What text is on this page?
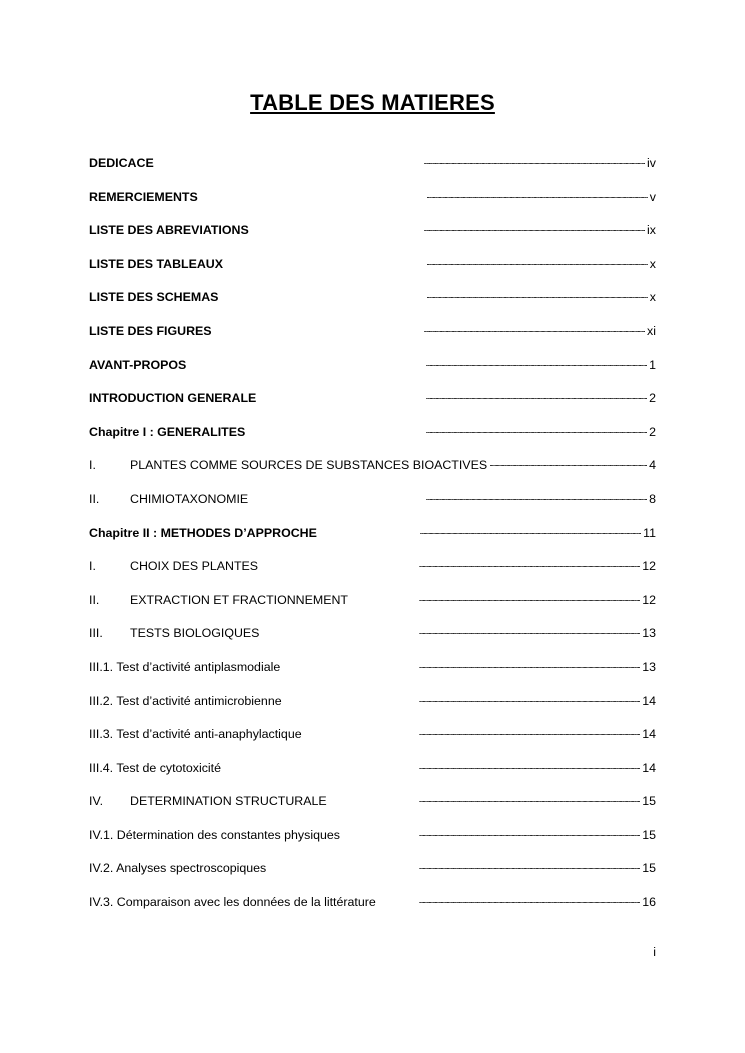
TABLE DES MATIERES
DEDICACE . . .	iv
REMERCIEMENTS . . .	v
LISTE DES ABREVIATIONS . . .	ix
LISTE DES TABLEAUX . . .	x
LISTE DES SCHEMAS . . .	x
LISTE DES FIGURES . . .	xi
AVANT-PROPOS . . .	1
INTRODUCTION GENERALE . . .	2
Chapitre I : GENERALITES . . .	2
I.	PLANTES COMME SOURCES DE SUBSTANCES BIOACTIVES . . .	4
II.	CHIMIOTAXONOMIE . . .	8
Chapitre II : METHODES D’APPROCHE . . .	11
I.	CHOIX DES PLANTES . . .	12
II.	EXTRACTION ET FRACTIONNEMENT . . .	12
III.	TESTS BIOLOGIQUES . . .	13
III.1. Test d’activité antiplasmodiale . . .	13
III.2. Test d’activité antimicrobienne . . .	14
III.3. Test d’activité anti-anaphylactique . . .	14
III.4. Test de cytotoxicité . . .	14
IV.	DETERMINATION STRUCTURALE . . .	15
IV.1. Détermination des constantes physiques . . .	15
IV.2. Analyses spectroscopiques . . .	15
IV.3. Comparaison avec les données de la littérature . . .	16
i
